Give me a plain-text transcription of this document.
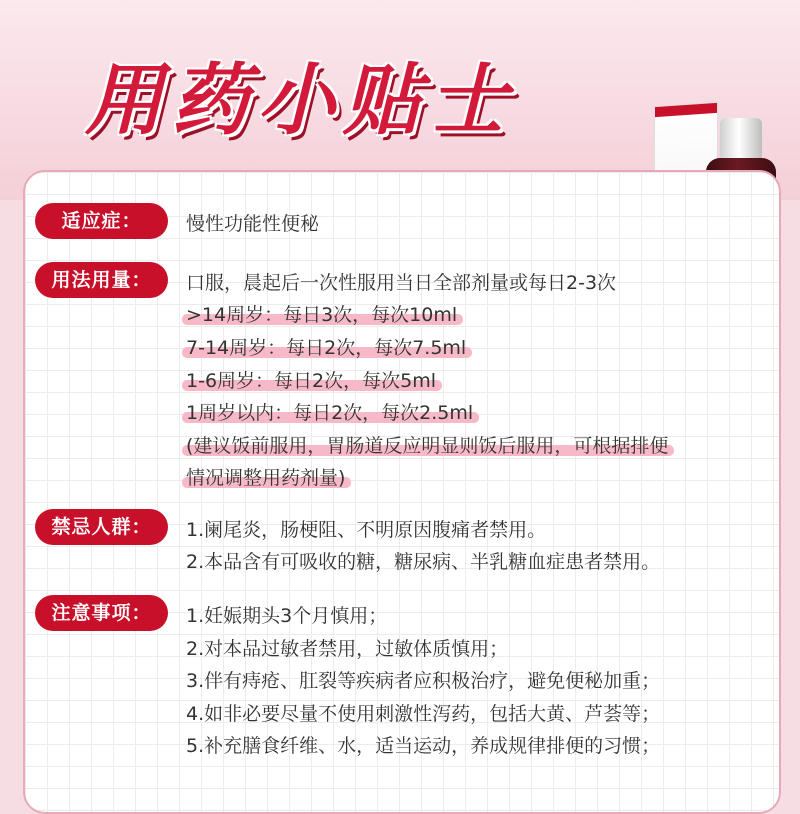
用药小贴士
适应症：	慢性功能性便秘
用法用量：	口服，晨起后一次性服用当日全部剂量或每日2-3次
>14周岁：每日3次，每次10ml
7-14周岁：每日2次，每次7.5ml
1-6周岁：每日2次，每次5ml
1周岁以内：每日2次，每次2.5ml
(建议饭前服用，胃肠道反应明显则饭后服用，可根据排便
情况调整用药剂量)
禁忌人群：	1.阑尾炎，肠梗阻、不明原因腹痛者禁用。
2.本品含有可吸收的糖，糖尿病、半乳糖血症患者禁用。
注意事项：	1.妊娠期头3个月慎用；
2.对本品过敏者禁用，过敏体质慎用；
3.伴有痔疮、肛裂等疾病者应积极治疗，避免便秘加重；
4.如非必要尽量不使用刺激性泻药，包括大黄、芦荟等；
5.补充膳食纤维、水，适当运动，养成规律排便的习惯；
